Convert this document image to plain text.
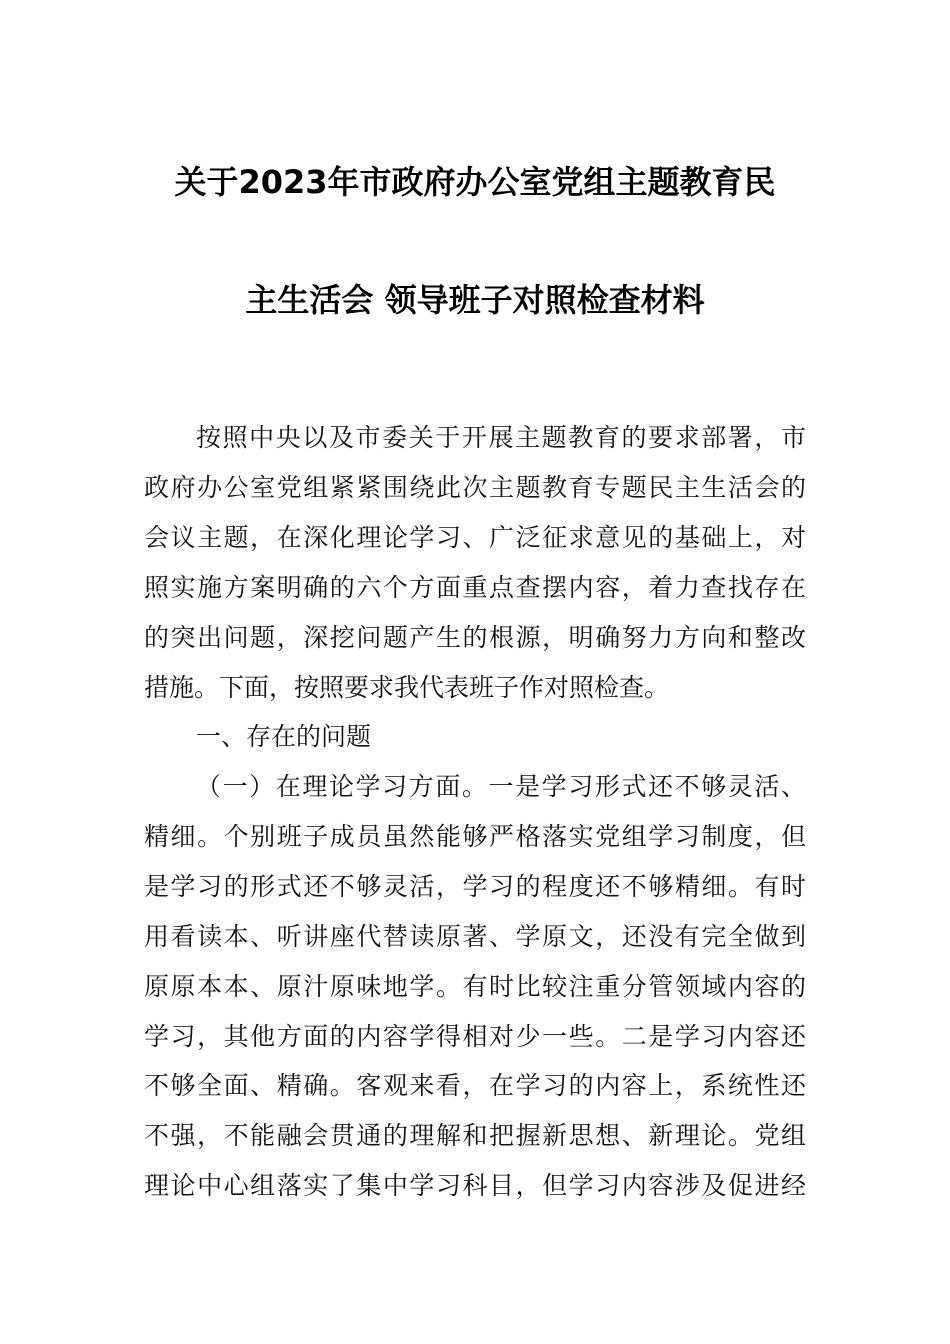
关于2023年市政府办公室党组主题教育民
主生活会 领导班子对照检查材料
按照中央以及市委关于开展主题教育的要求部署，市
政府办公室党组紧紧围绕此次主题教育专题民主生活会的
会议主题，在深化理论学习、广泛征求意见的基础上，对
照实施方案明确的六个方面重点查摆内容，着力查找存在
的突出问题，深挖问题产生的根源，明确努力方向和整改
措施。下面，按照要求我代表班子作对照检查。
一、存在的问题
（一）在理论学习方面。一是学习形式还不够灵活、
精细。个别班子成员虽然能够严格落实党组学习制度，但
是学习的形式还不够灵活，学习的程度还不够精细。有时
用看读本、听讲座代替读原著、学原文，还没有完全做到
原原本本、原汁原味地学。有时比较注重分管领域内容的
学习，其他方面的内容学得相对少一些。二是学习内容还
不够全面、精确。客观来看，在学习的内容上，系统性还
不强，不能融会贯通的理解和把握新思想、新理论。党组
理论中心组落实了集中学习科目，但学习内容涉及促进经
